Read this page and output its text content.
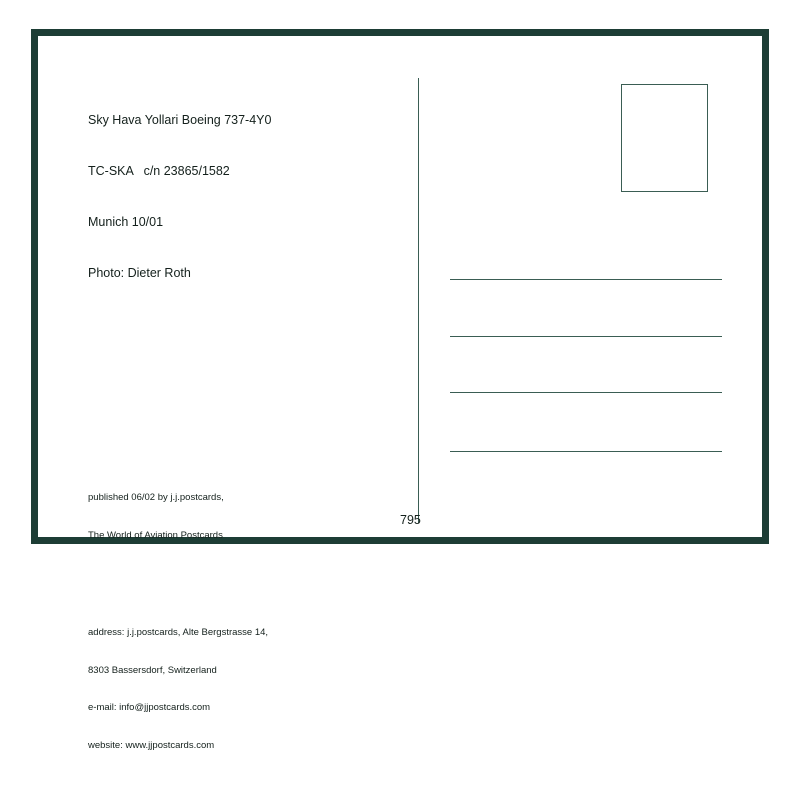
Sky Hava Yollari Boeing 737-4Y0

TC-SKA   c/n 23865/1582

Munich 10/01

Photo: Dieter Roth

published 06/02 by j.j.postcards,

The World of Aviation Postcards

address: j.j.postcards, Alte Bergstrasse 14,

8303 Bassersdorf, Switzerland

e-mail: info@jjpostcards.com

website: www.jjpostcards.com

795
